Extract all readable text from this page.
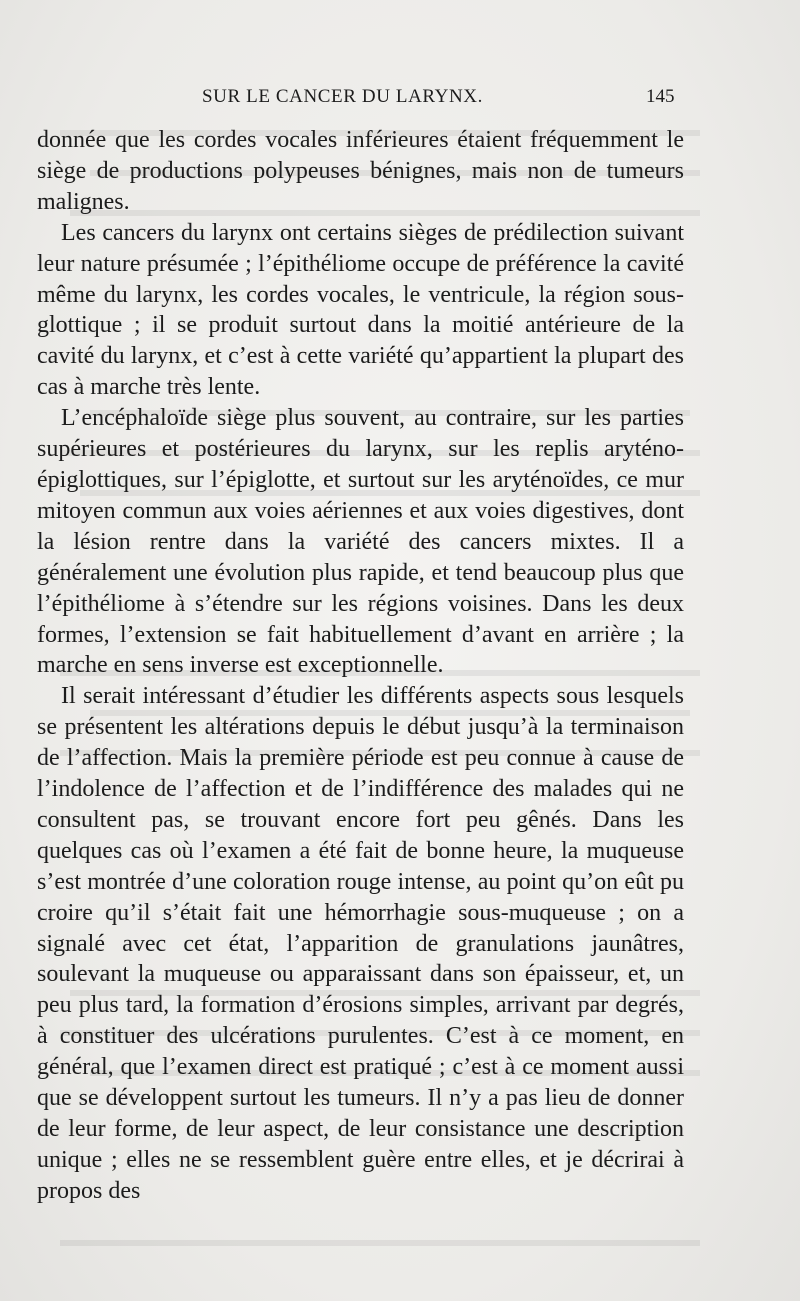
SUR LE CANCER DU LARYNX.	145

donnée que les cordes vocales inférieures étaient fréquemment le siège de productions polypeuses bénignes, mais non de tumeurs malignes.

Les cancers du larynx ont certains sièges de prédilection suivant leur nature présumée ; l’épithéliome occupe de préférence la cavité même du larynx, les cordes vocales, le ventricule, la région sous-glottique ; il se produit surtout dans la moitié antérieure de la cavité du larynx, et c’est à cette variété qu’appartient la plupart des cas à marche très lente.

L’encéphaloïde siège plus souvent, au contraire, sur les parties supérieures et postérieures du larynx, sur les replis aryténo-épiglottiques, sur l’épiglotte, et surtout sur les aryténoïdes, ce mur mitoyen commun aux voies aériennes et aux voies digestives, dont la lésion rentre dans la variété des cancers mixtes. Il a généralement une évolution plus rapide, et tend beaucoup plus que l’épithéliome à s’étendre sur les régions voisines. Dans les deux formes, l’extension se fait habituellement d’avant en arrière ; la marche en sens inverse est exceptionnelle.

Il serait intéressant d’étudier les différents aspects sous lesquels se présentent les altérations depuis le début jusqu’à la terminaison de l’affection. Mais la première période est peu connue à cause de l’indolence de l’affection et de l’indifférence des malades qui ne consultent pas, se trouvant encore fort peu gênés. Dans les quelques cas où l’examen a été fait de bonne heure, la muqueuse s’est montrée d’une coloration rouge intense, au point qu’on eût pu croire qu’il s’était fait une hémorrhagie sous-muqueuse ; on a signalé avec cet état, l’apparition de granulations jaunâtres, soulevant la muqueuse ou apparaissant dans son épaisseur, et, un peu plus tard, la formation d’érosions simples, arrivant par degrés, à constituer des ulcérations purulentes. C’est à ce moment, en général, que l’examen direct est pratiqué ; c’est à ce moment aussi que se développent surtout les tumeurs. Il n’y a pas lieu de donner de leur forme, de leur aspect, de leur consistance une description unique ; elles ne se ressemblent guère entre elles, et je décrirai à propos des
